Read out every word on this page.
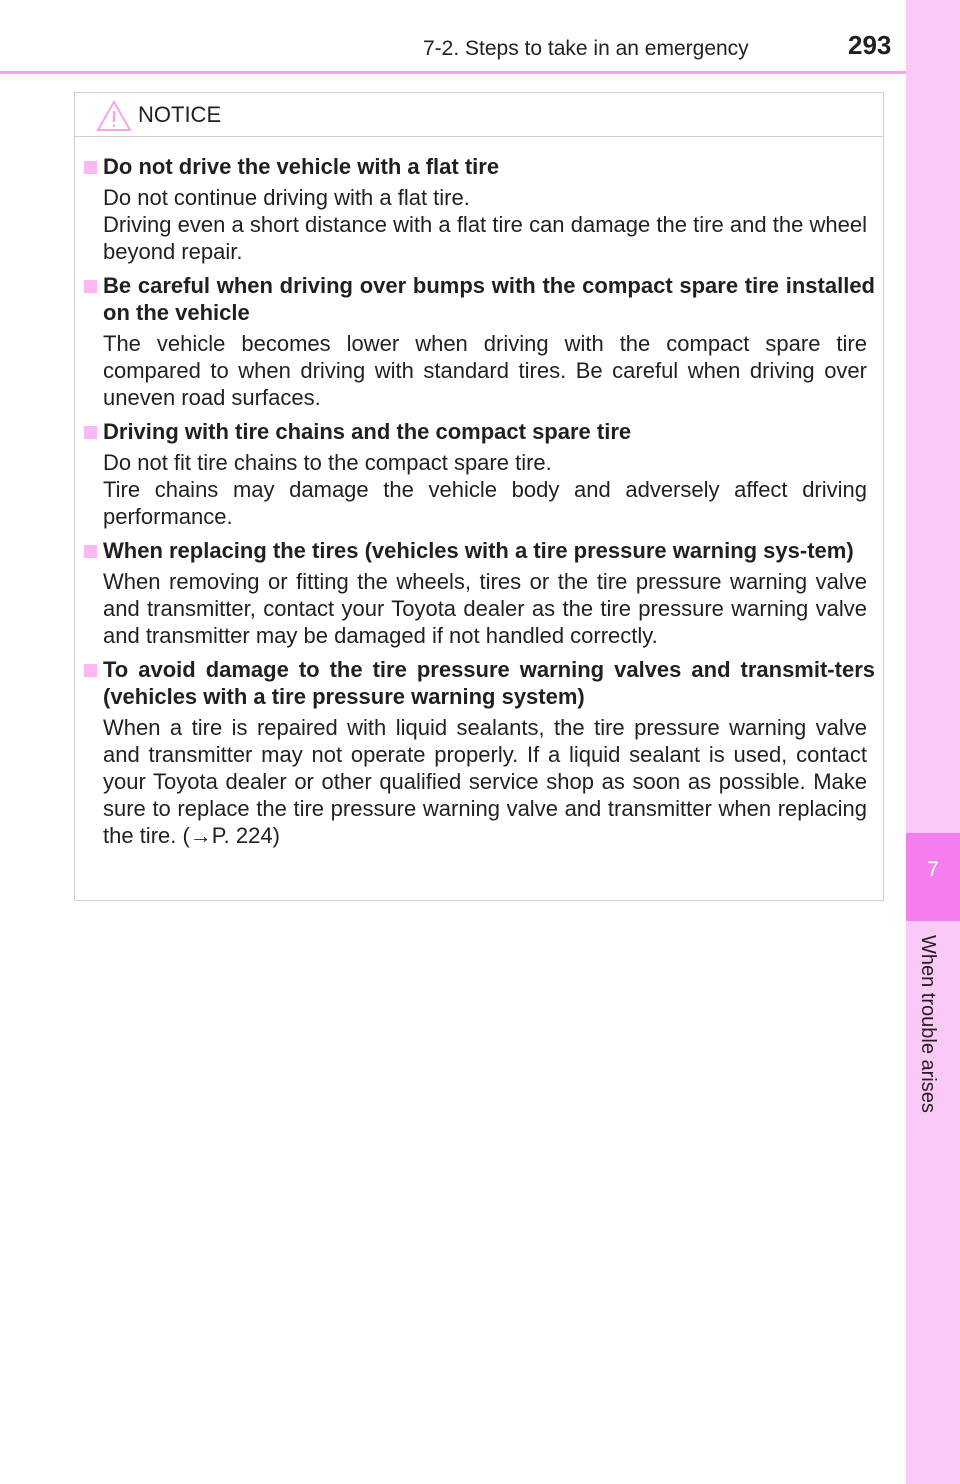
7-2. Steps to take in an emergency	293
7
When trouble arises
NOTICE
Do not drive the vehicle with a flat tire
Do not continue driving with a flat tire.
Driving even a short distance with a flat tire can damage the tire and the wheel beyond repair.
Be careful when driving over bumps with the compact spare tire installed on the vehicle
The vehicle becomes lower when driving with the compact spare tire compared to when driving with standard tires. Be careful when driving over uneven road surfaces.
Driving with tire chains and the compact spare tire
Do not fit tire chains to the compact spare tire.
Tire chains may damage the vehicle body and adversely affect driving performance.
When replacing the tires (vehicles with a tire pressure warning sys-tem)
When removing or fitting the wheels, tires or the tire pressure warning valve and transmitter, contact your Toyota dealer as the tire pressure warning valve and transmitter may be damaged if not handled correctly.
To avoid damage to the tire pressure warning valves and transmit-ters (vehicles with a tire pressure warning system)
When a tire is repaired with liquid sealants, the tire pressure warning valve and transmitter may not operate properly. If a liquid sealant is used, contact your Toyota dealer or other qualified service shop as soon as possible. Make sure to replace the tire pressure warning valve and transmitter when replacing the tire. (→P. 224)
